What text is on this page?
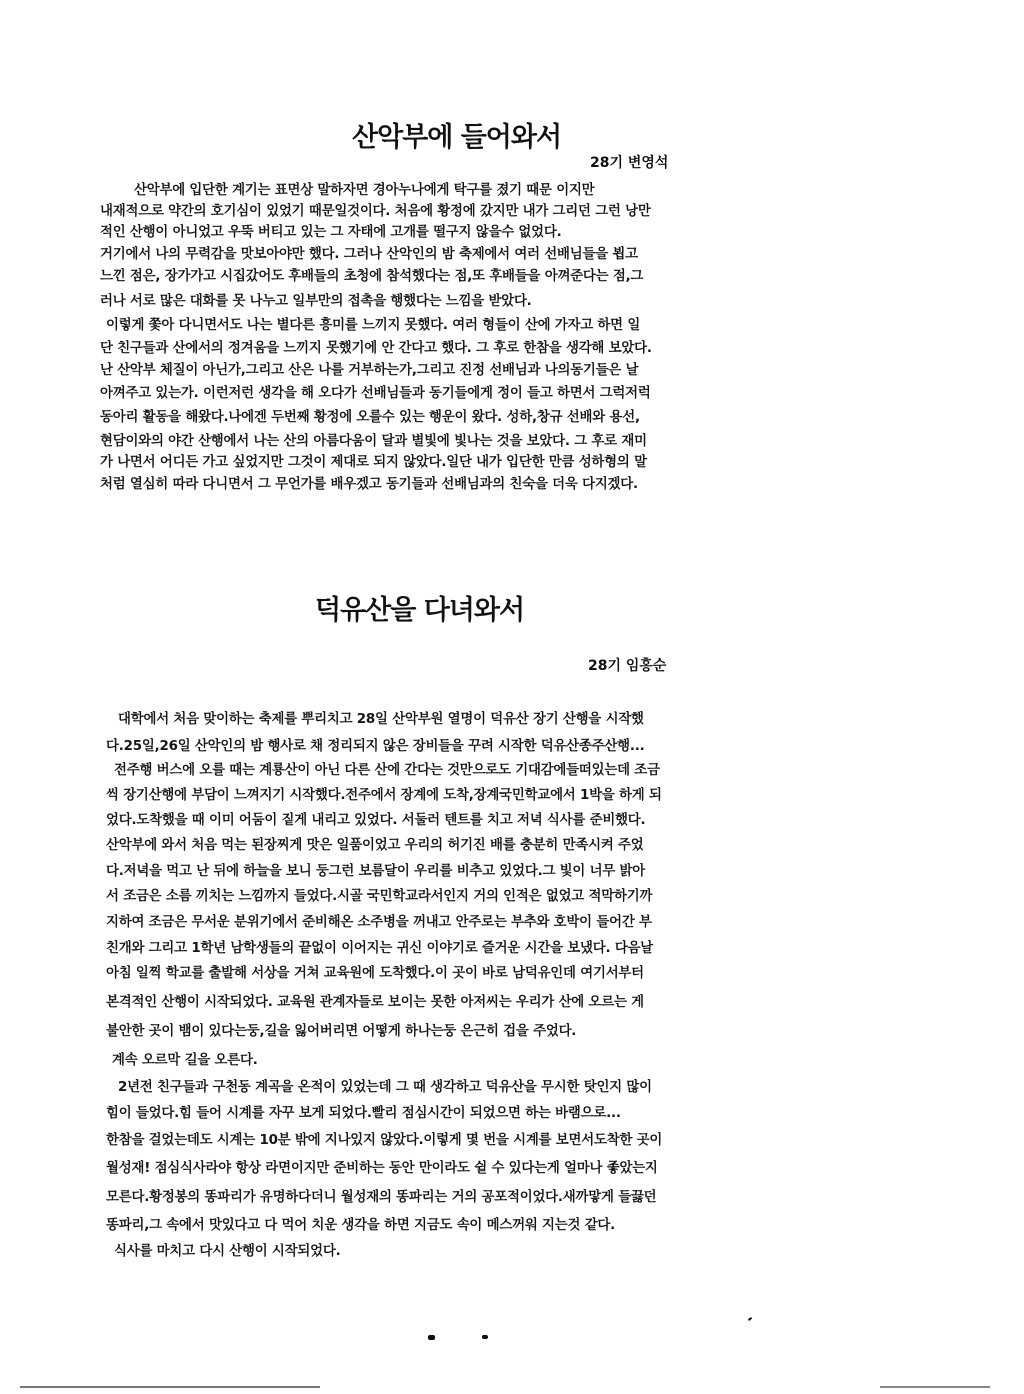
산악부에 들어와서
28기 변영석
산악부에 입단한 계기는 표면상 말하자면 경아누나에게 탁구를 졌기 때문 이지만
내재적으로 약간의 호기심이 있었기 때문일것이다. 처음에 황정에 갔지만 내가 그리던 그런 낭만
적인 산행이 아니었고 우뚝 버티고 있는 그 자태에 고개를 떨구지 않을수 없었다.
거기에서 나의 무력감을 맛보아야만 했다. 그러나 산악인의 밤 축제에서 여러 선배님들을 뵙고
느낀 점은, 장가가고 시집갔어도 후배들의 초청에 참석했다는 점,또 후배들을 아껴준다는 점,그
러나 서로 많은 대화를 못 나누고 일부만의 접촉을 행했다는 느낌을 받았다.
이렇게 쫓아 다니면서도 나는 별다른 흥미를 느끼지 못했다. 여러 형들이 산에 가자고 하면 일
단 친구들과 산에서의 정겨움을 느끼지 못했기에 안 간다고 했다. 그 후로 한참을 생각해 보았다.
난 산악부 체질이 아닌가,그리고 산은 나를 거부하는가,그리고 진정 선배님과 나의동기들은 날
아껴주고 있는가. 이런저런 생각을 해 오다가 선배님들과 동기들에게 정이 들고 하면서 그럭저럭
동아리 활동을 해왔다.나에겐 두번째 황정에 오를수 있는 행운이 왔다. 성하,창규 선배와 용선,
현담이와의 야간 산행에서 나는 산의 아름다움이 달과 별빛에 빛나는 것을 보았다. 그 후로 재미
가 나면서 어디든 가고 싶었지만 그것이 제대로 되지 않았다.일단 내가 입단한 만큼 성하형의 말
처럼 열심히 따라 다니면서 그 무언가를 배우겠고 동기들과 선배님과의 친숙을 더욱 다지겠다.
덕유산을 다녀와서
28기 임홍순
대학에서 처음 맞이하는 축제를 뿌리치고 28일 산악부원 열명이 덕유산 장기 산행을 시작했
다.25일,26일 산악인의 밤 행사로 채 정리되지 않은 장비들을 꾸려 시작한 덕유산종주산행...
전주행 버스에 오를 때는 계룡산이 아닌 다른 산에 간다는 것만으로도 기대감에들떠있는데 조금
씩 장기산행에 부담이 느껴지기 시작했다.전주에서 장계에 도착,장계국민학교에서 1박을 하게 되
었다.도착했을 때 이미 어둠이 짙게 내리고 있었다. 서둘러 텐트를 치고 저녁 식사를 준비했다.
산악부에 와서 처음 먹는 된장찌게 맛은 일품이었고 우리의 허기진 배를 충분히 만족시켜 주었
다.저녁을 먹고 난 뒤에 하늘을 보니 둥그런 보름달이 우리를 비추고 있었다.그 빛이 너무 밝아
서 조금은 소름 끼치는 느낌까지 들었다.시골 국민학교라서인지 거의 인적은 없었고 적막하기까
지하여 조금은 무서운 분위기에서 준비해온 소주병을 꺼내고 안주로는 부추와 호박이 들어간 부
친개와 그리고 1학년 남학생들의 끝없이 이어지는 귀신 이야기로 즐거운 시간을 보냈다. 다음날
아침 일찍 학교를 출발해 서상을 거쳐 교육원에 도착했다.이 곳이 바로 남덕유인데 여기서부터
본격적인 산행이 시작되었다. 교육원 관계자들로 보이는 못한 아저씨는 우리가 산에 오르는 게
불안한 곳이 뱀이 있다는둥,길을 잃어버리면 어떻게 하나는둥 은근히 겁을 주었다.
계속 오르막 길을 오른다.
2년전 친구들과 구천동 계곡을 온적이 있었는데 그 때 생각하고 덕유산을 무시한 탓인지 많이
힘이 들었다.힘 들어 시계를 자꾸 보게 되었다.빨리 점심시간이 되었으면 하는 바램으로...
한참을 걸었는데도 시계는 10분 밖에 지나있지 않았다.이렇게 몇 번을 시계를 보면서도착한 곳이
월성재! 점심식사라야 항상 라면이지만 준비하는 동안 만이라도 쉴 수 있다는게 얼마나 좋았는지
모른다.황정봉의 똥파리가 유명하다더니 월성재의 똥파리는 거의 공포적이었다.새까맣게 들끓던
똥파리,그 속에서 맛있다고 다 먹어 치운 생각을 하면 지금도 속이 메스꺼워 지는것 같다.
식사를 마치고 다시 산행이 시작되었다.
